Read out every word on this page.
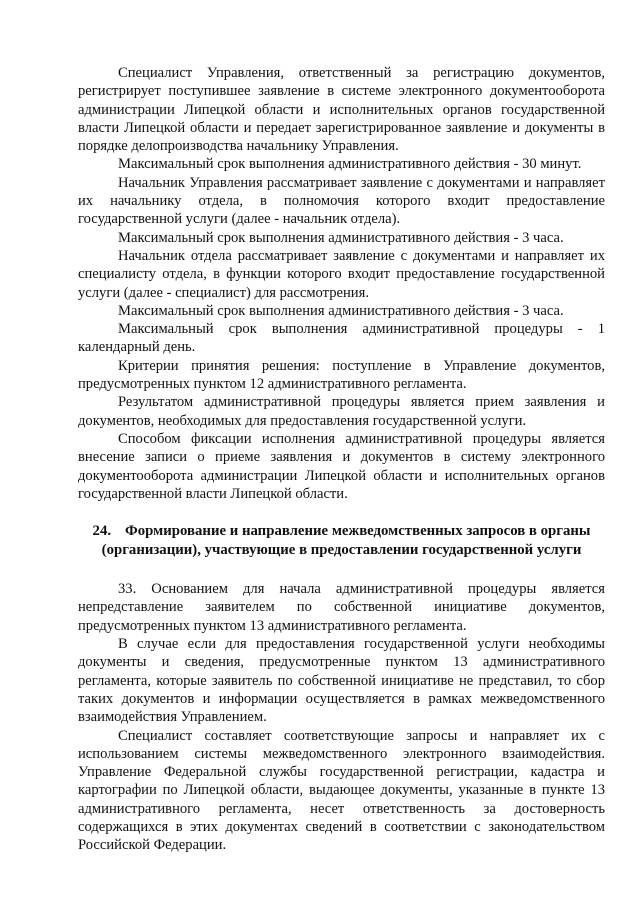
Специалист Управления, ответственный за регистрацию документов, регистрирует поступившее заявление в системе электронного документооборота администрации Липецкой области и исполнительных органов государственной власти Липецкой области и передает зарегистрированное заявление и документы в порядке делопроизводства начальнику Управления.

Максимальный срок выполнения административного действия - 30 минут.

Начальник Управления рассматривает заявление с документами и направляет их начальнику отдела, в полномочия которого входит предоставление государственной услуги (далее - начальник отдела).

Максимальный срок выполнения административного действия - 3 часа.

Начальник отдела рассматривает заявление с документами и направляет их специалисту отдела, в функции которого входит предоставление государственной услуги (далее - специалист) для рассмотрения.

Максимальный срок выполнения административного действия - 3 часа.

Максимальный срок выполнения административной процедуры - 1 календарный день.

Критерии принятия решения: поступление в Управление документов, предусмотренных пунктом 12 административного регламента.

Результатом административной процедуры является прием заявления и документов, необходимых для предоставления государственной услуги.

Способом фиксации исполнения административной процедуры является внесение записи о приеме заявления и документов в систему электронного документооборота администрации Липецкой области и исполнительных органов государственной власти Липецкой области.

24. Формирование и направление межведомственных запросов в органы (организации), участвующие в предоставлении государственной услуги

33. Основанием для начала административной процедуры является непредставление заявителем по собственной инициативе документов, предусмотренных пунктом 13 административного регламента.

В случае если для предоставления государственной услуги необходимы документы и сведения, предусмотренные пунктом 13 административного регламента, которые заявитель по собственной инициативе не представил, то сбор таких документов и информации осуществляется в рамках межведомственного взаимодействия Управлением.

Специалист составляет соответствующие запросы и направляет их с использованием системы межведомственного электронного взаимодействия. Управление Федеральной службы государственной регистрации, кадастра и картографии по Липецкой области, выдающее документы, указанные в пункте 13 административного регламента, несет ответственность за достоверность содержащихся в этих документах сведений в соответствии с законодательством Российской Федерации.
